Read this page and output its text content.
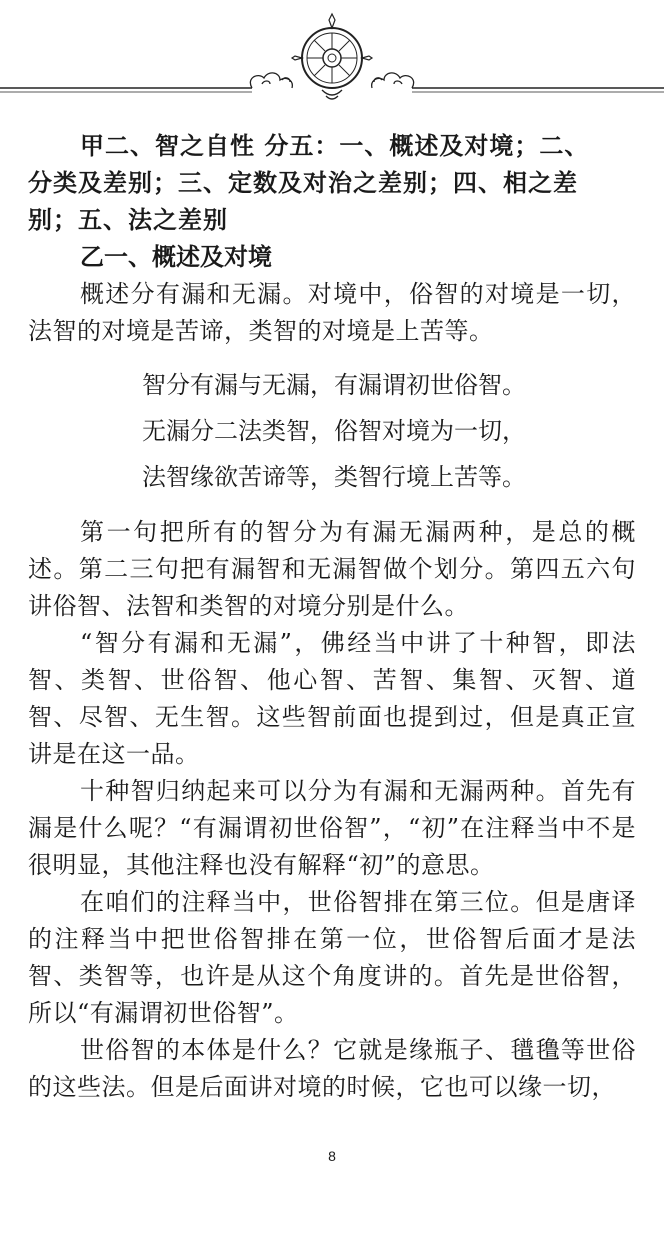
甲二、智之自性 分五：一、概述及对境；二、
分类及差别；三、定数及对治之差别；四、相之差
别；五、法之差别
乙一、概述及对境

概述分有漏和无漏。对境中，俗智的对境是一切，法智的对境是苦谛，类智的对境是上苦等。

智分有漏与无漏，有漏谓初世俗智。

无漏分二法类智，俗智对境为一切，

法智缘欲苦谛等，类智行境上苦等。

第一句把所有的智分为有漏无漏两种，是总的概述。第二三句把有漏智和无漏智做个划分。第四五六句讲俗智、法智和类智的对境分别是什么。

“智分有漏和无漏”，佛经当中讲了十种智，即法智、类智、世俗智、他心智、苦智、集智、灭智、道智、尽智、无生智。这些智前面也提到过，但是真正宣讲是在这一品。

十种智归纳起来可以分为有漏和无漏两种。首先有漏是什么呢？“有漏谓初世俗智”，“初”在注释当中不是很明显，其他注释也没有解释“初”的意思。

在咱们的注释当中，世俗智排在第三位。但是唐译的注释当中把世俗智排在第一位，世俗智后面才是法智、类智等，也许是从这个角度讲的。首先是世俗智，所以“有漏谓初世俗智”。

世俗智的本体是什么？它就是缘瓶子、氆氇等世俗的这些法。但是后面讲对境的时候，它也可以缘一切，

8
